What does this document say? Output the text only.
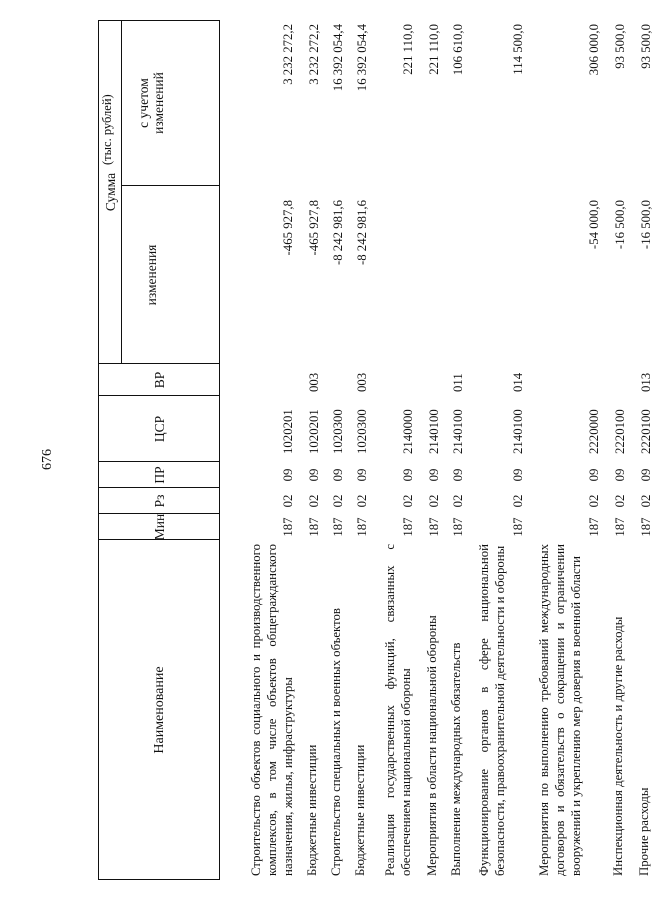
676
(тыс. рублей)
Наименование
Мин
Рз
ПР
ЦСР
ВР
Сумма
изменения
с учетом изменений
Строительство объектов социального и производственного комплексов, в том числе объектов общегражданского назначения, жилья, инфраструктуры
187
02
09
1020201
-465 927,8
3 232 272,2
Бюджетные инвестиции
187
02
09
1020201
003
-465 927,8
3 232 272,2
Строительство специальных и военных объектов
187
02
09
1020300
-8 242 981,6
16 392 054,4
Бюджетные инвестиции
187
02
09
1020300
003
-8 242 981,6
16 392 054,4
Реализация государственных функций, связанных с обеспечением национальной обороны
187
02
09
2140000
221 110,0
Мероприятия в области национальной обороны
187
02
09
2140100
221 110,0
Выполнение международных обязательств
187
02
09
2140100
011
106 610,0
Функционирование органов в сфере национальной безопасности, правоохранительной деятельности и обороны
187
02
09
2140100
014
114 500,0
Мероприятия по выполнению требований международных договоров и обязательств о сокращении и ограничении вооружений и укреплению мер доверия в военной области
187
02
09
2220000
-54 000,0
306 000,0
Инспекционная деятельность и другие расходы
187
02
09
2220100
-16 500,0
93 500,0
Прочие расходы
187
02
09
2220100
013
-16 500,0
93 500,0
